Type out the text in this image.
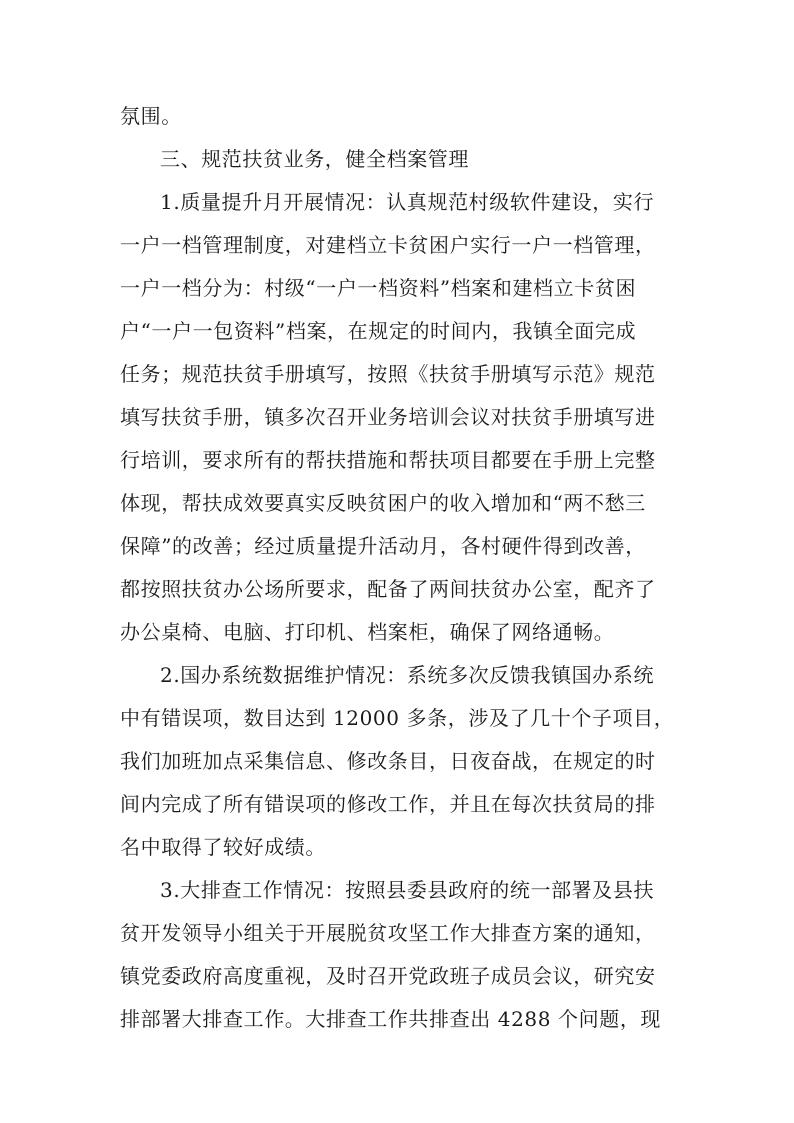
氛围。
三、规范扶贫业务，健全档案管理
1.质量提升月开展情况：认真规范村级软件建设，实行
一户一档管理制度，对建档立卡贫困户实行一户一档管理，
一户一档分为：村级“一户一档资料”档案和建档立卡贫困
户“一户一包资料”档案，在规定的时间内，我镇全面完成
任务；规范扶贫手册填写，按照《扶贫手册填写示范》规范
填写扶贫手册，镇多次召开业务培训会议对扶贫手册填写进
行培训，要求所有的帮扶措施和帮扶项目都要在手册上完整
体现，帮扶成效要真实反映贫困户的收入增加和“两不愁三
保障”的改善；经过质量提升活动月，各村硬件得到改善，
都按照扶贫办公场所要求，配备了两间扶贫办公室，配齐了
办公桌椅、电脑、打印机、档案柜，确保了网络通畅。
2.国办系统数据维护情况：系统多次反馈我镇国办系统
中有错误项，数目达到 12000 多条，涉及了几十个子项目，
我们加班加点采集信息、修改条目，日夜奋战，在规定的时
间内完成了所有错误项的修改工作，并且在每次扶贫局的排
名中取得了较好成绩。
3.大排查工作情况：按照县委县政府的统一部署及县扶
贫开发领导小组关于开展脱贫攻坚工作大排查方案的通知，
镇党委政府高度重视，及时召开党政班子成员会议，研究安
排部署大排查工作。大排查工作共排查出 4288 个问题，现
